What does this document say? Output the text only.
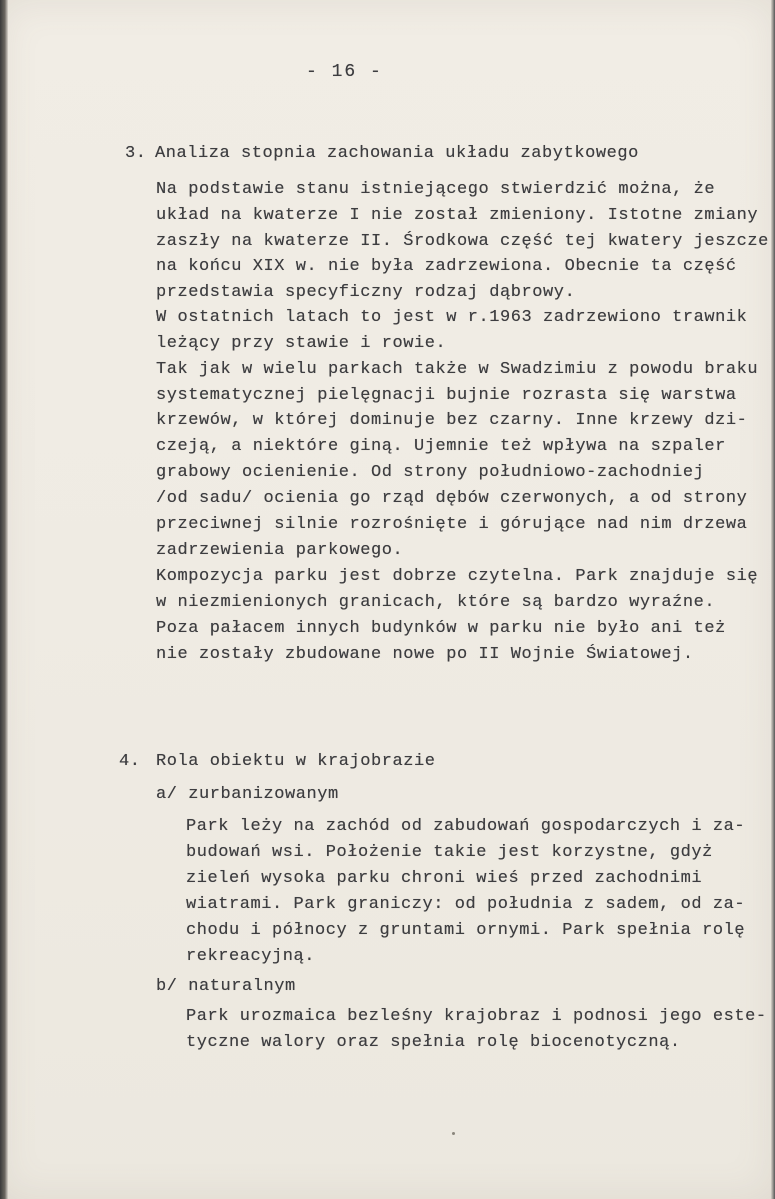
- 16 -
3. Analiza stopnia zachowania układu zabytkowego
Na podstawie stanu istniejącego stwierdzić można, że
układ na kwaterze I nie został zmieniony. Istotne zmiany
zaszły na kwaterze II. Środkowa część tej kwatery jeszcze
na końcu XIX w. nie była zadrzewiona. Obecnie ta część
przedstawia specyficzny rodzaj dąbrowy.
W ostatnich latach to jest w r.1963 zadrzewiono trawnik
leżący przy stawie i rowie.
Tak jak w wielu parkach także w Swadzimiu z powodu braku
systematycznej pielęgnacji bujnie rozrasta się warstwa
krzewów, w której dominuje bez czarny. Inne krzewy dzi-
czeją, a niektóre giną. Ujemnie też wpływa na szpaler
grabowy ocienienie. Od strony południowo-zachodniej
/od sadu/ ocienia go rząd dębów czerwonych, a od strony
przeciwnej silnie rozrośnięte i górujące nad nim drzewa
zadrzewienia parkowego.
Kompozycja parku jest dobrze czytelna. Park znajduje się
w niezmienionych granicach, które są bardzo wyraźne.
Poza pałacem innych budynków w parku nie było ani też
nie zostały zbudowane nowe po II Wojnie Światowej.
4. Rola obiektu w krajobrazie
a/ zurbanizowanym
Park leży na zachód od zabudowań gospodarczych i za-
budowań wsi. Położenie takie jest korzystne, gdyż
zieleń wysoka parku chroni wieś przed zachodnimi
wiatrami. Park graniczy: od południa z sadem, od za-
chodu i północy z gruntami ornymi. Park spełnia rolę
rekreacyjną.
b/ naturalnym
Park urozmaica bezleśny krajobraz i podnosi jego este-
tyczne walory oraz spełnia rolę biocenotyczną.
